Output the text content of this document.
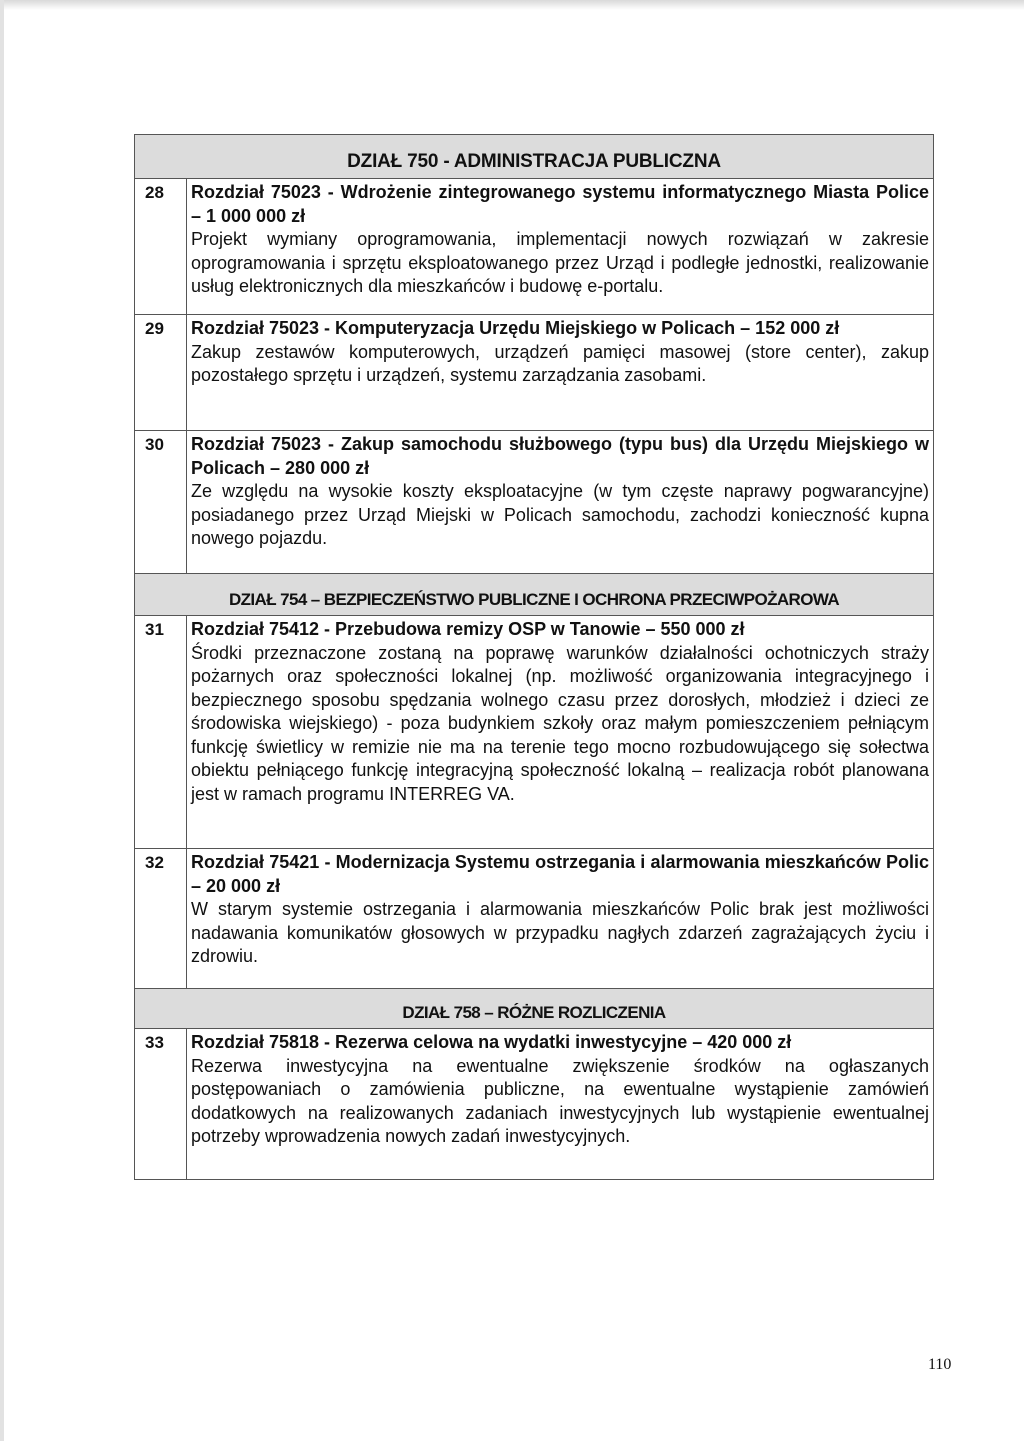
DZIAŁ 750 - ADMINISTRACJA PUBLICZNA
28	Rozdział 75023 - Wdrożenie zintegrowanego systemu informatycznego Miasta Police – 1 000 000 zł
Projekt wymiany oprogramowania, implementacji nowych rozwiązań w zakresie oprogramowania i sprzętu eksploatowanego przez Urząd i podległe jednostki, realizowanie usług elektronicznych dla mieszkańców i budowę e-portalu.
29	Rozdział 75023 - Komputeryzacja Urzędu Miejskiego w Policach – 152 000 zł
Zakup zestawów komputerowych, urządzeń pamięci masowej (store center), zakup pozostałego sprzętu i urządzeń, systemu zarządzania zasobami.
30	Rozdział 75023 - Zakup samochodu służbowego (typu bus) dla Urzędu Miejskiego w Policach – 280 000 zł
Ze względu na wysokie koszty eksploatacyjne (w tym częste naprawy pogwarancyjne) posiadanego przez Urząd Miejski w Policach samochodu, zachodzi konieczność kupna nowego pojazdu.
DZIAŁ 754 – BEZPIECZEŃSTWO PUBLICZNE I OCHRONA PRZECIWPOŻAROWA
31	Rozdział 75412 - Przebudowa remizy OSP w Tanowie – 550 000 zł
Środki przeznaczone zostaną na poprawę warunków działalności ochotniczych straży pożarnych oraz społeczności lokalnej (np. możliwość organizowania integracyjnego i bezpiecznego sposobu spędzania wolnego czasu przez dorosłych, młodzież i dzieci ze środowiska wiejskiego) - poza budynkiem szkoły oraz małym pomieszczeniem pełniącym funkcję świetlicy w remizie nie ma na terenie tego mocno rozbudowującego się sołectwa obiektu pełniącego funkcję integracyjną społeczność lokalną – realizacja robót planowana jest w ramach programu INTERREG VA.
32	Rozdział 75421 - Modernizacja Systemu ostrzegania i alarmowania mieszkańców Polic – 20 000 zł
W starym systemie ostrzegania i alarmowania mieszkańców Polic brak jest możliwości nadawania komunikatów głosowych w przypadku nagłych zdarzeń zagrażających życiu i zdrowiu.
DZIAŁ 758 – RÓŻNE ROZLICZENIA
33	Rozdział 75818 - Rezerwa celowa na wydatki inwestycyjne – 420 000 zł
Rezerwa inwestycyjna na ewentualne zwiększenie środków na ogłaszanych postępowaniach o zamówienia publiczne, na ewentualne wystąpienie zamówień dodatkowych na realizowanych zadaniach inwestycyjnych lub wystąpienie ewentualnej potrzeby wprowadzenia nowych zadań inwestycyjnych.
110
